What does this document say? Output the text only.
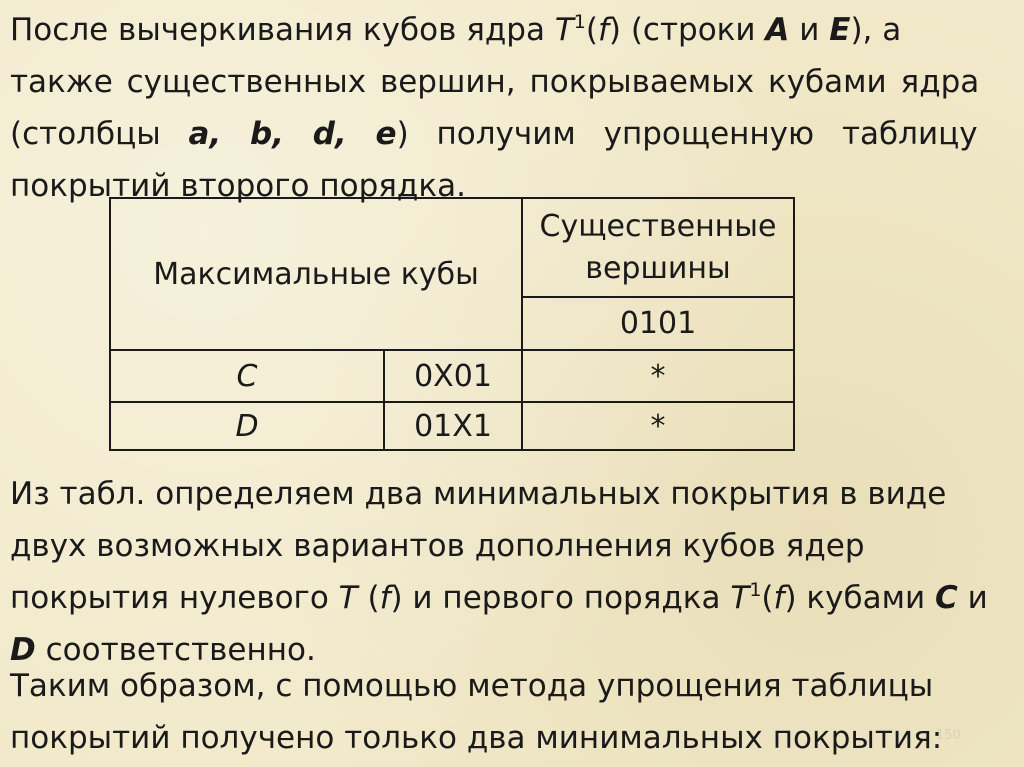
После вычеркивания кубов ядра $T^1(f)$ (строки A и E), а
также существенных вершин, покрываемых кубами ядра
(столбцы a, b, d, e) получим упрощенную таблицу
покрытий второго порядка.

Максимальные кубы		Существенные
вершины
		0101
C	0X01	*
D	01X1	*

Из табл. определяем два минимальных покрытия в виде
двух возможных вариантов дополнения кубов ядер
покрытия нулевого T (f) и первого порядка $T^1(f)$ кубами C и
D соответственно.

Таким образом, с помощью метода упрощения таблицы
покрытий получено только два минимальных покрытия:

150
